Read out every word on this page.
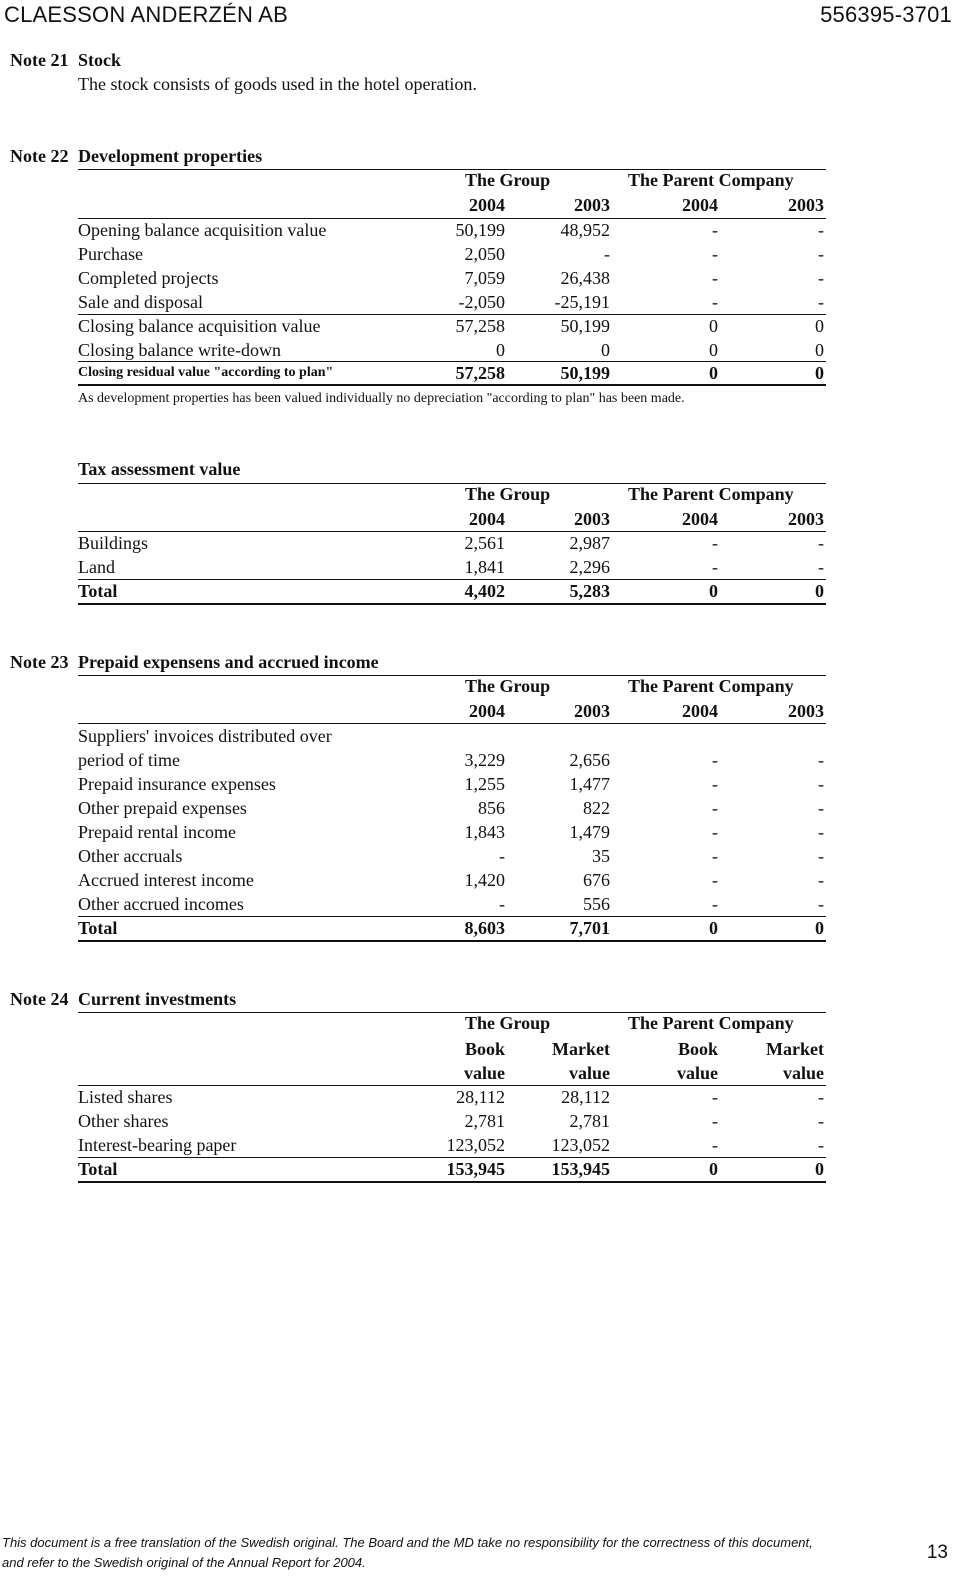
CLAESSON ANDERZÉN AB	556395-3701
Note 21 Stock
The stock consists of goods used in the hotel operation.
Note 22 Development properties
The Group	The Parent Company
2004	2003	2004	2003
Opening balance acquisition value	50,199	48,952	-	-
Purchase	2,050	-	-	-
Completed projects	7,059	26,438	-	-
Sale and disposal	-2,050	-25,191	-	-
Closing balance acquisition value	57,258	50,199	0	0
Closing balance write-down	0	0	0	0
Closing residual value "according to plan"	57,258	50,199	0	0
As development properties has been valued individually no depreciation "according to plan" has been made.
Tax assessment value
The Group	The Parent Company
2004	2003	2004	2003
Buildings	2,561	2,987	-	-
Land	1,841	2,296	-	-
Total	4,402	5,283	0	0
Note 23 Prepaid expensens and accrued income
The Group	The Parent Company
2004	2003	2004	2003
Suppliers' invoices distributed over
period of time	3,229	2,656	-	-
Prepaid insurance expenses	1,255	1,477	-	-
Other prepaid expenses	856	822	-	-
Prepaid rental income	1,843	1,479	-	-
Other accruals	-	35	-	-
Accrued interest income	1,420	676	-	-
Other accrued incomes	-	556	-	-
Total	8,603	7,701	0	0
Note 24 Current investments
The Group	The Parent Company
Book	Market	Book	Market
value	value	value	value
Listed shares	28,112	28,112	-	-
Other shares	2,781	2,781	-	-
Interest-bearing paper	123,052	123,052	-	-
Total	153,945	153,945	0	0
This document is a free translation of the Swedish original. The Board and the MD take no responsibility for the correctness of this document,
and refer to the Swedish original of the Annual Report for 2004.	13
